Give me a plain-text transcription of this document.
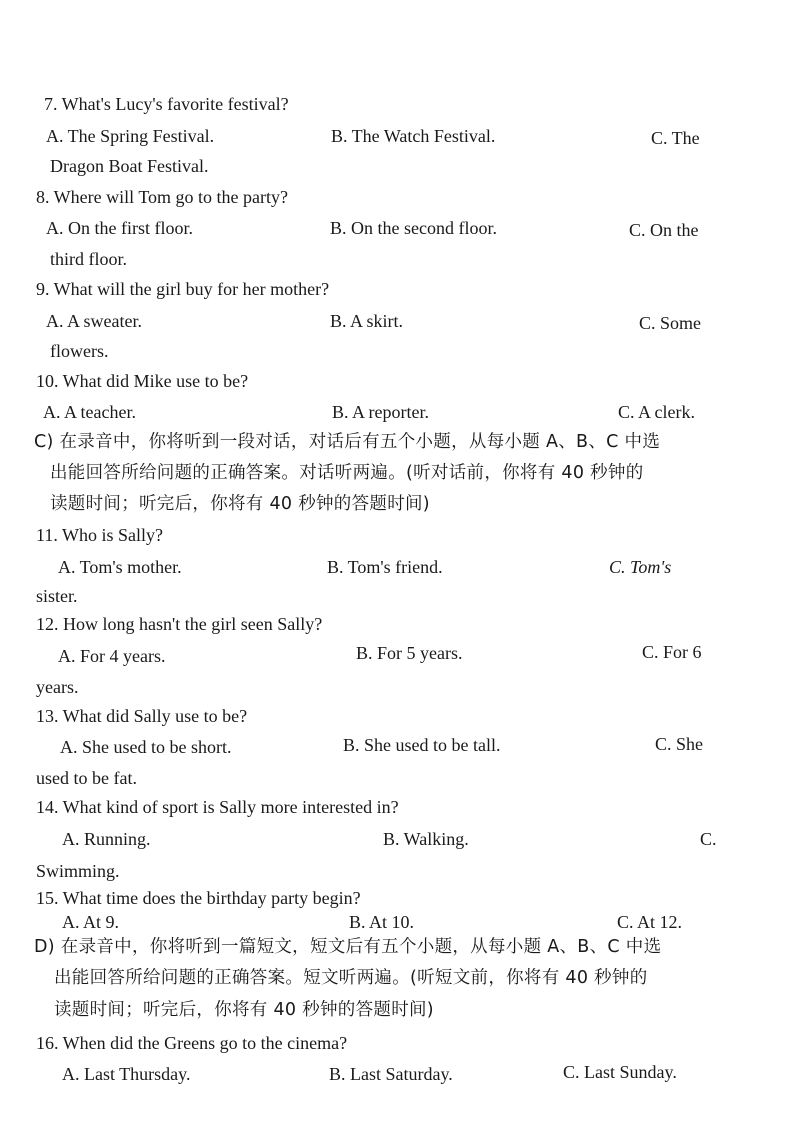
7. What's Lucy's favorite festival?
A. The Spring Festival.	B. The Watch Festival.	C. The
Dragon Boat Festival.
8. Where will Tom go to the party?
A. On the first floor.	B. On the second floor.	C. On the
third floor.
9. What will the girl buy for her mother?
A. A sweater.	B. A skirt.	C. Some
flowers.
10. What did Mike use to be?
A. A teacher.	B. A reporter.	C. A clerk.
C) 在录音中，你将听到一段对话，对话后有五个小题，从每小题 A、B、C 中选
出能回答所给问题的正确答案。对话听两遍。(听对话前，你将有 40 秒钟的
读题时间；听完后，你将有 40 秒钟的答题时间)
11. Who is Sally?
A. Tom's mother.	B. Tom's friend.	C. Tom's
sister.
12. How long hasn't the girl seen Sally?
A. For 4 years.	B. For 5 years.	C. For 6
years.
13. What did Sally use to be?
A. She used to be short.	B. She used to be tall.	C. She
used to be fat.
14. What kind of sport is Sally more interested in?
A. Running.	B. Walking.	C.
Swimming.
15. What time does the birthday party begin?
A. At 9.	B. At 10.	C. At 12.
D) 在录音中，你将听到一篇短文，短文后有五个小题，从每小题 A、B、C 中选
出能回答所给问题的正确答案。短文听两遍。(听短文前，你将有 40 秒钟的
读题时间；听完后，你将有 40 秒钟的答题时间)
16. When did the Greens go to the cinema?
A. Last Thursday.	B. Last Saturday.	C. Last Sunday.
